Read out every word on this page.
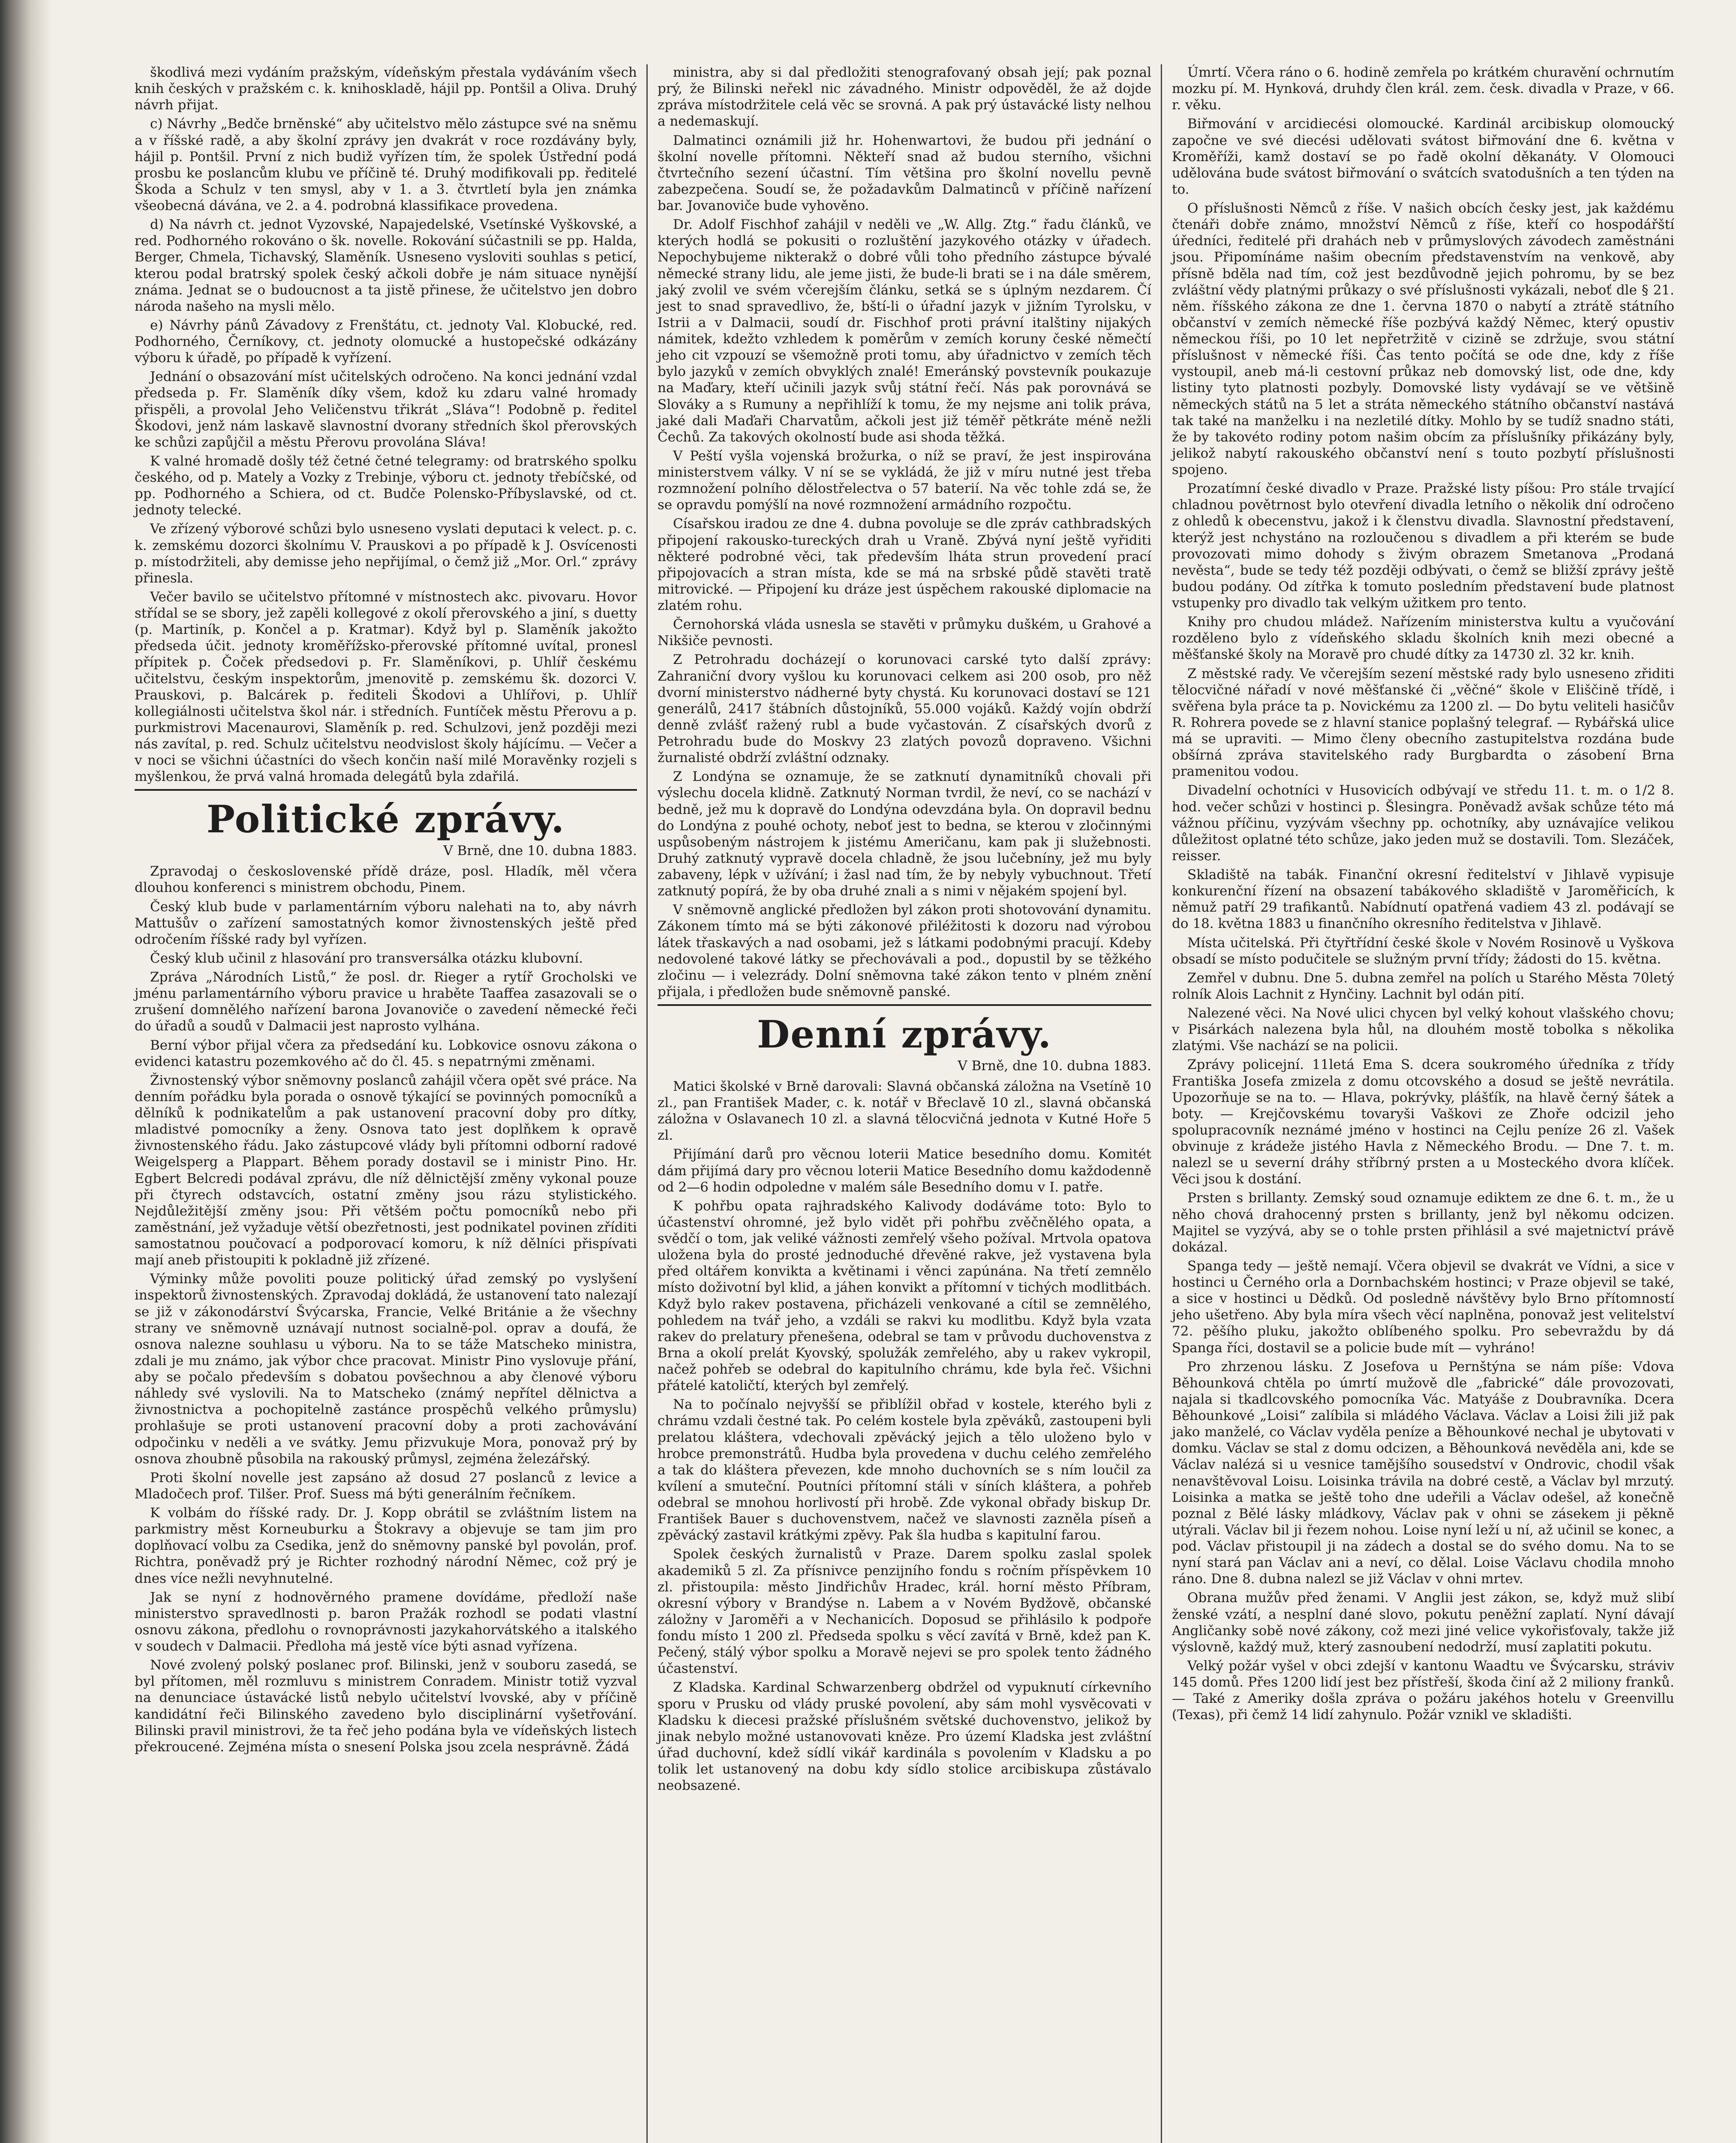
škodlivá mezi vydáním pražským, vídeňským přestala vydáváním všech knih českých v pražském c. k. knihoskladě, hájil pp. Pontšil a Oliva. Druhý návrh přijat.

c) Návrhy „Bedče brněnské“ aby učitelstvo mělo zástupce své na sněmu a v říšské radě, a aby školní zprávy jen dvakrát v roce rozdávány byly, hájil p. Pontšil. První z nich budiž vyřízen tím, že spolek Ústřední podá prosbu ke poslancům klubu ve příčině té. Druhý modifikovali pp. ředitelé Škoda a Schulz v ten smysl, aby v 1. a 3. čtvrtletí byla jen známka všeobecná dávána, ve 2. a 4. podrobná klassifikace provedena.

d) Na návrh ct. jednot Vyzovské, Napajedelské, Vsetínské Vyškovské, a red. Podhorného rokováno o šk. novelle. Rokování súčastnili se pp. Halda, Berger, Chmela, Tichavský, Slaměník. Usneseno vysloviti souhlas s peticí, kterou podal bratrský spolek český ačkoli dobře je nám situace nynější známa. Jednat se o budoucnost a ta jistě přinese, že učitelstvo jen dobro národa našeho na mysli mělo.

e) Návrhy pánů Závadovy z Frenštátu, ct. jednoty Val. Klobucké, red. Podhorného, Černíkovy, ct. jednoty olomucké a hustopečské odkázány výboru k úřadě, po případě k vyřízení.

Jednání o obsazování míst učitelských odročeno. Na konci jednání vzdal předseda p. Fr. Slaměník díky všem, kdož ku zdaru valné hromady přispěli, a provolal Jeho Veličenstvu třikrát „Sláva“! Podobně p. ředitel Škodovi, jenž nám laskavě slavnostní dvorany středních škol přerovských ke schůzi zapůjčil a městu Přerovu provolána Sláva!

K valné hromadě došly též četné četné telegramy: od bratrského spolku českého, od p. Mately a Vozky z Trebinje, výboru ct. jednoty třebíčské, od pp. Podhorného a Schiera, od ct. Budče Polensko-Příbyslavské, od ct. jednoty telecké.

Ve zřízený výborové schůzi bylo usneseno vyslati deputaci k velect. p. c. k. zemskému dozorci školnímu V. Prauskovi a po případě k J. Osvícenosti p. místodržiteli, aby demisse jeho nepřijímal, o čemž již „Mor. Orl.“ zprávy přinesla.

Večer bavilo se učitelstvo přítomné v místnostech akc. pivovaru. Hovor střídal se se sbory, jež zapěli kollegové z okolí přerovského a jiní, s duetty (p. Martiník, p. Končel a p. Kratmar). Když byl p. Slaměník jakožto předseda účit. jednoty kroměřížsko-přerovské přítomné uvítal, pronesl přípitek p. Čoček předsedovi p. Fr. Slaměníkovi, p. Uhlíř českému učitelstvu, českým inspektorům, jmenovitě p. zemskému šk. dozorci V. Prauskovi, p. Balcárek p. řediteli Škodovi a Uhlířovi, p. Uhlíř kollegiálnosti učitelstva škol nár. i středních. Funtíček městu Přerovu a p. purkmistrovi Macenaurovi, Slaměník p. red. Schulzovi, jenž později mezi nás zavítal, p. red. Schulz učitelstvu neodvislost školy hájícímu. — Večer a v noci se všichni účastníci do všech končin naší milé Moravěnky rozjeli s myšlenkou, že prvá valná hromada delegátů byla zdařilá.

Politické zprávy.
V Brně, dne 10. dubna 1883.

Zpravodaj o československé přídě dráze, posl. Hladík, měl včera dlouhou konferenci s ministrem obchodu, Pinem.

Český klub bude v parlamentárním výboru nalehati na to, aby návrh Mattušův o zařízení samostatných komor živnostenských ještě před odročením říšské rady byl vyřízen.

Český klub učinil z hlasování pro transversálka otázku klubovní.

Zpráva „Národních Listů,“ že posl. dr. Rieger a rytíř Grocholski ve jménu parlamentárního výboru pravice u hraběte Taaffea zasazovali se o zrušení domnělého nařízení barona Jovanoviče o zavedení německé řeči do úřadů a soudů v Dalmacii jest naprosto vylhána.

Berní výbor přijal včera za předsedání ku. Lobkovice osnovu zákona o evidenci katastru pozemkového ač do čl. 45. s nepatrnými změnami.

Živnostenský výbor sněmovny poslanců zahájil včera opět své práce. Na denním pořádku byla porada o osnově týkající se povinných pomocníků a dělníků k podnikatelům a pak ustanovení pracovní doby pro dítky, mladistvé pomocníky a ženy. Osnova tato jest doplňkem k opravě živnostenského řádu. Jako zástupcové vlády byli přítomni odborní radové Weigelsperg a Plappart. Během porady dostavil se i ministr Pino. Hr. Egbert Belcredi podával zprávu, dle níž dělnictější změny vykonal pouze při čtyrech odstavcích, ostatní změny jsou rázu stylistického. Nejdůležitější změny jsou: Při většém počtu pomocníků nebo při zaměstnání, jež vyžaduje větší obezřetnosti, jest podnikatel povinen zříditi samostatnou poučovací a podporovací komoru, k níž dělníci přispívati mají aneb přistoupiti k pokladně již zřízené.

Výminky může povoliti pouze politický úřad zemský po vyslyšení inspektorů živnostenských. Zpravodaj dokládá, že ustanovení tato nalezají se již v zákonodárství Švýcarska, Francie, Velké Británie a že všechny strany ve sněmovně uznávají nutnost socialně-pol. oprav a doufá, že osnova nalezne souhlasu u výboru. Na to se táže Matscheko ministra, zdali je mu známo, jak výbor chce pracovat. Ministr Pino vyslovuje přání, aby se počalo především s dobatou povšechnou a aby členové výboru náhledy své vyslovili. Na to Matscheko (známý nepřítel dělnictva a živnostnictva a pochopitelně zastánce prospěchů velkého průmyslu) prohlašuje se proti ustanovení pracovní doby a proti zachovávání odpočinku v neděli a ve svátky. Jemu přizvukuje Mora, ponovaž prý by osnova zhoubně působila na rakouský průmysl, zejména železářský.

Proti školní novelle jest zapsáno až dosud 27 poslanců z levice a Mladočech prof. Tilšer. Prof. Suess má býti generálním řečníkem.

K volbám do říšské rady. Dr. J. Kopp obrátil se zvláštním listem na parkmistry měst Korneuburku a Štokravy a objevuje se tam jim pro doplňovací volbu za Csedika, jenž do sněmovny panské byl povolán, prof. Richtra, poněvadž prý je Richter rozhodný národní Němec, což prý je dnes více nežli nevyhnutelné.

Jak se nyní z hodnověrného pramene dovídáme, předloží naše ministerstvo spravedlnosti p. baron Pražák rozhodl se podati vlastní osnovu zákona, předlohu o rovnoprávnosti jazykahorvátského a italského v soudech v Dalmacii. Předloha má jestě více býti asnad vyřízena.

Nové zvolený polský poslanec prof. Bilinski, jenž v souboru zasedá, se byl přítomen, měl rozmluvu s ministrem Conradem. Ministr totiž vyzval na denunciace ústavácké listů nebylo učitelství lvovské, aby v příčině kandidátní řeči Bilinského zavedeno bylo disciplinární vyšetřování. Bilinski pravil ministrovi, že ta řeč jeho podána byla ve vídeňských listech překroucené. Zejména místa o snesení Polska jsou zcela nesprávně. Žádá

ministra, aby si dal předložiti stenografovaný obsah její; pak poznal prý, že Bilinski neřekl nic závadného. Ministr odpověděl, že až dojde zpráva místodržitele celá věc se srovná. A pak prý ústavácké listy nelhou a nedemaskují.

Dalmatinci oznámili již hr. Hohenwartovi, že budou při jednání o školní novelle přítomni. Někteří snad až budou sterního, všichni čtvrtečního sezení účastní. Tím většina pro školní novellu pevně zabezpečena. Soudí se, že požadavkům Dalmatinců v příčině nařízení bar. Jovanoviče bude vyhověno.

Dr. Adolf Fischhof zahájil v neděli ve „W. Allg. Ztg.“ řadu článků, ve kterých hodlá se pokusiti o rozluštění jazykového otázky v úřadech. Nepochybujeme nikterakž o dobré vůli toho předního zástupce bývalé německé strany lidu, ale jeme jisti, že bude-li brati se i na dále směrem, jaký zvolil ve svém včerejším článku, setká se s úplným nezdarem. Čí jest to snad spravedlivo, že, bští-li o úřadní jazyk v jižním Tyrolsku, v Istrii a v Dalmacii, soudí dr. Fischhof proti právní italštiny nijakých námitek, kdežto vzhledem k poměrům v zemích koruny české němečtí jeho cit vzpouzí se všemožně proti tomu, aby úřadnictvo v zemích těch bylo jazyků v zemích obvyklých znalé! Emeránský povstevník poukazuje na Maďary, kteří učinili jazyk svůj státní řečí. Nás pak porovnává se Slováky a s Rumuny a nepřihlíží k tomu, že my nejsme ani tolik práva, jaké dali Maďaři Charvatům, ačkoli jest již téměř pětkráte méně nežli Čechů. Za takových okolností bude asi shoda těžká.

V Peští vyšla vojenská brožurka, o níž se praví, že jest inspirována ministerstvem války. V ní se se vykládá, že již v míru nutné jest třeba rozmnožení polního dělostřelectva o 57 baterií. Na věc tohle zdá se, že se opravdu pomýšlí na nové rozmnožení armádního rozpočtu.

Císařskou iradou ze dne 4. dubna povoluje se dle zpráv cathbradských připojení rakousko-tureckých drah u Vraně. Zbývá nyní ještě vyřiditi některé podrobné věci, tak především lháta strun provedení prací připojovacích a stran místa, kde se má na srbské půdě stavěti tratě mitrovické. — Připojení ku dráze jest úspěchem rakouské diplomacie na zlatém rohu.

Černohorská vláda usnesla se stavěti v průmyku duškém, u Grahové a Nikšiče pevnosti.

Z Petrohradu docházejí o korunovaci carské tyto další zprávy: Zahraniční dvory vyšlou ku korunovaci celkem asi 200 osob, pro něž dvorní ministerstvo nádherné byty chystá. Ku korunovaci dostaví se 121 generálů, 2417 štábních důstojníků, 55.000 vojáků. Každý vojín obdrží denně zvlášť ražený rubl a bude vyčastován. Z císařských dvorů z Petrohradu bude do Moskvy 23 zlatých povozů dopraveno. Všichni žurnalisté obdrží zvláštní odznaky.

Z Londýna se oznamuje, že se zatknutí dynamitníků chovali při výslechu docela klidně. Zatknutý Norman tvrdil, že neví, co se nachází v bedně, jež mu k dopravě do Londýna odevzdána byla. On dopravil bednu do Londýna z pouhé ochoty, neboť jest to bedna, se kterou v zločinnými uspůsobeným nástrojem k jistému Američanu, kam pak ji služebnosti. Druhý zatknutý vypravě docela chladně, že jsou lučebníny, jež mu byly zabaveny, lépk v užívání; i žasl nad tím, že by nebyly vybuchnout. Třetí zatknutý popírá, že by oba druhé znali a s nimi v nějakém spojení byl.

V sněmovně anglické předložen byl zákon proti shotovování dynamitu. Zákonem tímto má se býti zákonové přiléžitosti k dozoru nad výrobou látek třaskavých a nad osobami, jež s látkami podobnými pracují. Kdeby nedovolené takové látky se přechovávali a pod., dopustil by se těžkého zločinu — i velezrády. Dolní sněmovna také zákon tento v plném znění přijala, i předložen bude sněmovně panské.

Denní zprávy.
V Brně, dne 10. dubna 1883.

Matici školské v Brně darovali: Slavná občanská záložna na Vsetíně 10 zl., pan František Mader, c. k. notář v Břeclavě 10 zl., slavná občanská záložna v Oslavanech 10 zl. a slavná tělocvičná jednota v Kutné Hoře 5 zl.

Přijímání darů pro věcnou loterii Matice besedního domu. Komitét dám přijímá dary pro věcnou loterii Matice Besedního domu každodenně od 2—6 hodin odpoledne v malém sále Besedního domu v I. patře.

K pohřbu opata rajhradského Kalivody dodáváme toto: Bylo to účastenství ohromné, jež bylo vidět při pohřbu zvěčnělého opata, a svědčí o tom, jak veliké vážnosti zemřelý všeho požíval. Mrtvola opatova uložena byla do prosté jednoduché dřevěné rakve, jež vystavena byla před oltářem konvikta a květinami i věnci zapúnána. Na třetí zemnělo místo doživotní byl klid, a jáhen konvikt a přítomní v tichých modlitbách. Když bylo rakev postavena, přicházeli venkované a cítil se zemnělého, pohledem na tvář jeho, a vzdáli se rakvi ku modlitbu. Když byla vzata rakev do prelatury přenešena, odebral se tam v průvodu duchovenstva z Brna a okolí prelát Kyovský, spolužák zemřelého, aby u rakev vykropil, načež pohřeb se odebral do kapitulního chrámu, kde byla řeč. Všichni přátelé katoličtí, kterých byl zemřelý.

Na to počínalo nejvyšší se přiblížil obřad v kostele, kterého byli z chrámu vzdali čestné tak. Po celém kostele byla zpěváků, zastoupeni byli prelatou kláštera, vdechovali zpěvácký jejich a tělo uloženo bylo v hrobce premonstrátů. Hudba byla provedena v duchu celého zemřelého a tak do kláštera převezen, kde mnoho duchovních se s ním loučil za kvílení a smuteční. Poutníci přítomní stáli v síních kláštera, a pohřeb odebral se mnohou horlivostí při hrobě. Zde vykonal obřady biskup Dr. František Bauer s duchovenstvem, načež ve slavnosti zazněla píseň a zpěvácký zastavil krátkými zpěvy. Pak šla hudba s kapitulní farou.

Spolek českých žurnalistů v Praze. Darem spolku zaslal spolek akademiků 5 zl. Za přísnivce penzijního fondu s ročním příspěvkem 10 zl. přistoupila: město Jindřichův Hradec, král. horní město Příbram, okresní výbory v Brandýse n. Labem a v Novém Bydžově, občanské záložny v Jaroměři a v Nechanicích. Doposud se přihlásilo k podpoře fondu místo 1 200 zl. Předseda spolku s věcí zavítá v Brně, kdež pan K. Pečený, stálý výbor spolku a Moravě nejevi se pro spolek tento žádného účastenství.

Z Kladska. Kardinal Schwarzenberg obdržel od vypuknutí církevního sporu v Prusku od vlády pruské povolení, aby sám mohl vysvěcovati v Kladsku k diecesi pražské příslušném světské duchovenstvo, jelikož by jinak nebylo možné ustanovovati kněze. Pro území Kladska jest zvláštní úřad duchovní, kdež sídlí vikář kardinála s povolením v Kladsku a po tolik let ustanovený na dobu kdy sídlo stolice arcibiskupa zůstávalo neobsazené.

Úmrtí. Včera ráno o 6. hodině zemřela po krátkém churavění ochrnutím mozku pí. M. Hynková, druhdy člen král. zem. česk. divadla v Praze, v 66. r. věku.

Biřmování v arcidiecési olomoucké. Kardinál arcibiskup olomoucký započne ve své diecési udělovati svátost biřmování dne 6. května v Kroměříži, kamž dostaví se po řadě okolní děkanáty. V Olomouci udělována bude svátost biřmování o svátcích svatodušních a ten týden na to.

O příslušnosti Němců z říše. V našich obcích česky jest, jak každému čtenáři dobře známo, množství Němců z říše, kteří co hospodářští úředníci, ředitelé při drahách neb v průmyslových závodech zaměstnáni jsou. Připomínáme našim obecním představenstvím na venkově, aby přísně bděla nad tím, což jest bezdůvodně jejich pohromu, by se bez zvláštní vědy platnými průkazy o své příslušnosti vykázali, neboť dle § 21. něm. říšského zákona ze dne 1. června 1870 o nabytí a ztrátě státního občanství v zemích německé říše pozbývá každý Němec, který opustiv německou říši, po 10 let nepřetržitě v cizině se zdržuje, svou státní příslušnost v německé říši. Čas tento počítá se ode dne, kdy z říše vystoupil, aneb má-li cestovní průkaz neb domovský list, ode dne, kdy listiny tyto platnosti pozbyly. Domovské listy vydávají se ve většině německých států na 5 let a stráta německého státního občanství nastává tak také na manželku i na nezletilé dítky. Mohlo by se tudíž snadno státi, že by takovéto rodiny potom našim obcím za příslušníky přikázány byly, jelikož nabytí rakouského občanství není s touto pozbytí příslušnosti spojeno.

Prozatímní české divadlo v Praze. Pražské listy píšou: Pro stále trvající chladnou povětrnost bylo otevření divadla letního o několik dní odročeno z ohledů k obecenstvu, jakož i k členstvu divadla. Slavnostní představení, kterýž jest nchystáno na rozloučenou s divadlem a při kterém se bude provozovati mimo dohody s živým obrazem Smetanova „Prodaná nevěsta“, bude se tedy též později odbývati, o čemž se bližší zprávy ještě budou podány. Od zítřka k tomuto posledním představení bude platnost vstupenky pro divadlo tak velkým užitkem pro tento.

Knihy pro chudou mládež. Nařízením ministerstva kultu a vyučování rozděleno bylo z vídeňského skladu školních knih mezi obecné a měšťanské školy na Moravě pro chudé dítky za 14730 zl. 32 kr. knih.

Z městské rady. Ve včerejším sezení městské rady bylo usneseno zřiditi tělocvičné nářadí v nové měšťanské či „věčné“ škole v Eliščině třídě, i svěřena byla práce ta p. Novickému za 1200 zl. — Do bytu veliteli hasičův R. Rohrera povede se z hlavní stanice poplašný telegraf. — Rybářská ulice má se upraviti. — Mimo členy obecního zastupitelstva rozdána bude obšírná zpráva stavitelského rady Burgbardta o zásobení Brna pramenitou vodou.

Divadelní ochotníci v Husovicích odbývají ve středu 11. t. m. o 1/2 8. hod. večer schůzi v hostinci p. Šlesingra. Poněvadž avšak schůze této má vážnou příčinu, vyzývám všechny pp. ochotníky, aby uznávajíce velikou důležitost oplatné této schůze, jako jeden muž se dostavili. Tom. Slezáček, reisser.

Skladiště na tabák. Finanční okresní ředitelství v Jihlavě vypisuje konkurenční řízení na obsazení tabákového skladiště v Jaroměřicích, k němuž patří 29 trafikantů. Nabídnutí opatřená vadiem 43 zl. podávají se do 18. května 1883 u finančního okresního ředitelstva v Jihlavě.

Místa učitelská. Při čtyřtřídní české škole v Novém Rosinově u Vyškova obsadí se místo podučitele se služným první třídy; žádosti do 15. května.

Zemřel v dubnu. Dne 5. dubna zemřel na polích u Starého Města 70letý rolník Alois Lachnit z Hynčiny. Lachnit byl odán pití.

Nalezené věci. Na Nové ulici chycen byl velký kohout vlašského chovu; v Pisárkách nalezena byla hůl, na dlouhém mostě tobolka s několika zlatými. Vše nachází se na policii.

Zprávy policejní. 11letá Ema S. dcera soukromého úředníka z třídy Františka Josefa zmizela z domu otcovského a dosud se ještě nevrátila. Upozorňuje se na to. — Hlava, pokrývky, plášťík, na hlavě černý šátek a boty. — Krejčovskému tovaryši Vaškovi ze Zhoře odcizil jeho spolupracovník neznámé jméno v hostinci na Cejlu peníze 26 zl. Vašek obvinuje z krádeže jistého Havla z Německého Brodu. — Dne 7. t. m. nalezl se u severní dráhy stříbrný prsten a u Mosteckého dvora klíček. Věci jsou k dostání.

Prsten s brillanty. Zemský soud oznamuje ediktem ze dne 6. t. m., že u něho chová drahocenný prsten s brillanty, jenž byl někomu odcizen. Majitel se vyzývá, aby se o tohle prsten přihlásil a své majetnictví právě dokázal.

Spanga tedy — ještě nemají. Včera objevil se dvakrát ve Vídni, a sice v hostinci u Černého orla a Dornbachském hostinci; v Praze objevil se také, a sice v hostinci u Dědků. Od posledně návštěvy bylo Brno přítomností jeho ušetřeno. Aby byla míra všech věcí naplněna, ponovaž jest velitelství 72. pěšího pluku, jakožto oblíbeného spolku. Pro sebevraždu by dá Spanga říci, dostavil se a policie bude mít — vyhráno!

Pro zhrzenou lásku. Z Josefova u Pernštýna se nám píše: Vdova Běhounková chtěla po úmrtí mužově dle „fabrické“ dále provozovati, najala si tkadlcovského pomocníka Vác. Matyáše z Doubravníka. Dcera Běhounkové „Loisi“ zalíbila si mládého Václava. Václav a Loisi žili již pak jako manželé, co Václav vyděla peníze a Běhounkové nechal je ubytovati v domku. Václav se stal z domu odcizen, a Běhounková nevěděla ani, kde se Václav nalézá si u vesnice tamějšího sousedství v Ondrovic, chodil však nenavštěvoval Loisu. Loisinka trávila na dobré cestě, a Václav byl mrzutý. Loisinka a matka se ještě toho dne udeřili a Václav odešel, až konečně poznal z Bělé lásky mládkovy, Václav pak v ohni se zásekem ji pěkně utýrali. Václav bil ji řezem nohou. Loise nyní leží u ní, až učinil se konec, a pod. Václav přistoupil ji na zádech a dostal se do svého domu. Na to se nyní stará pan Václav ani a neví, co dělal. Loise Václavu chodila mnoho ráno. Dne 8. dubna nalezl se již Václav v ohni mrtev.

Obrana mužův před ženami. V Anglii jest zákon, se, když muž slibí ženské vzátí, a nesplní dané slovo, pokutu peněžní zaplatí. Nyní dávají Angličanky sobě nové zákony, což mezi jiné velice vykořisťovaly, takže již výslovně, každý muž, který zasnoubení nedodrží, musí zaplatiti pokutu.

Velký požár vyšel v obci zdejší v kantonu Waadtu ve Švýcarsku, stráviv 145 domů. Přes 1200 lidí jest bez přístřeší, škoda činí až 2 miliony franků. — Také z Ameriky došla zpráva o požáru jakéhos hotelu v Greenvillu (Texas), při čemž 14 lidí zahynulo. Požár vznikl ve skladišti.
